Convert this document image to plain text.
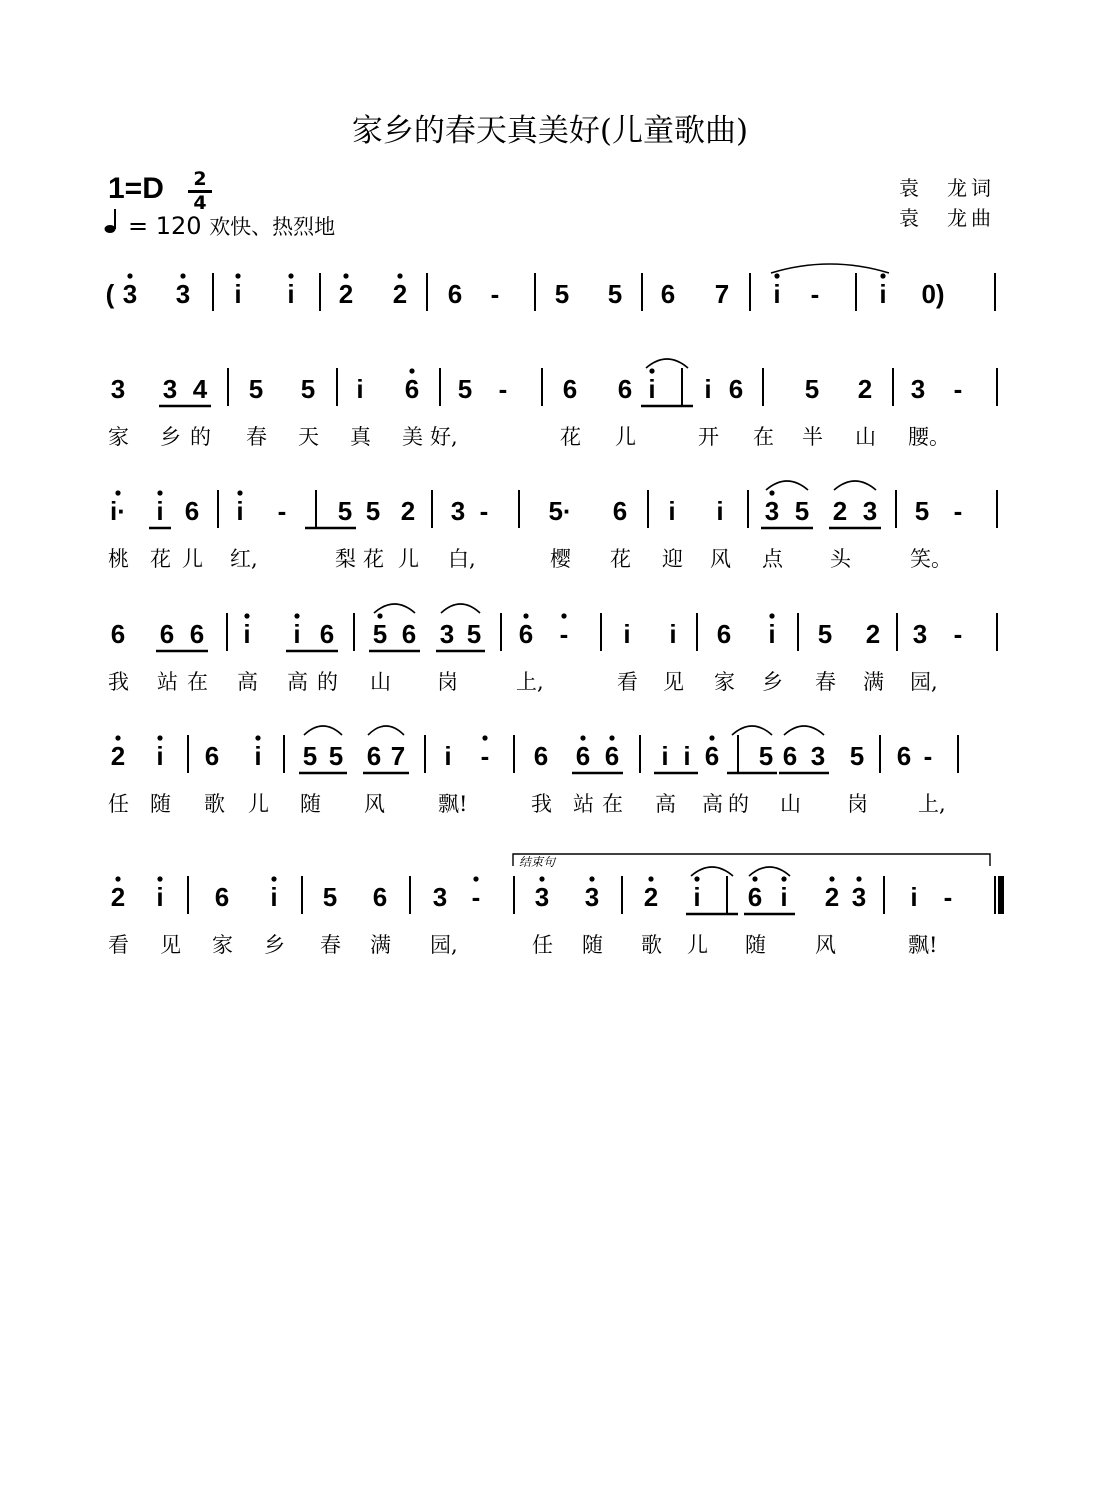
家乡的春天真美好(儿童歌曲)
1=D 2
4
= 120 欢快、热烈地
袁　龙词
袁　龙曲
( 3 3 i i 2 2 6 - 5 5 6 7 i - i 0)
3 3 4 5 5 i 6 5 - 6 6 i i 6 5 2 3 -
家 乡 的 春 天 真 美 好,	花 儿	开 在 半 山 腰。
i· i 6 i - 5 5 2 3 - 5· 6 i i 3 5 2 3 5 -
桃 花 儿 红,	梨 花 儿 白,	樱 花 迎 风 点 头	笑。
6 6 6 i i 6 5 6 3 5 6 - i i 6 i 5 2 3 -
我 站 在 高 高 的 山 岗	上,	看 见 家 乡 春 满 园,
2 i 6 i 5 5 6 7 i - 6 6 6 i i 6 5 6 3 5 6 -
任 随 歌 儿 随 风	飘!	我 站 在 高 高 的 山 岗 上,
2 i 6 i 5 6 3 - 3 3 2 i 6 i 2 3 i -
看 见 家 乡 春 满 园,	任 随 歌 儿 随 风	飘!
结束句
